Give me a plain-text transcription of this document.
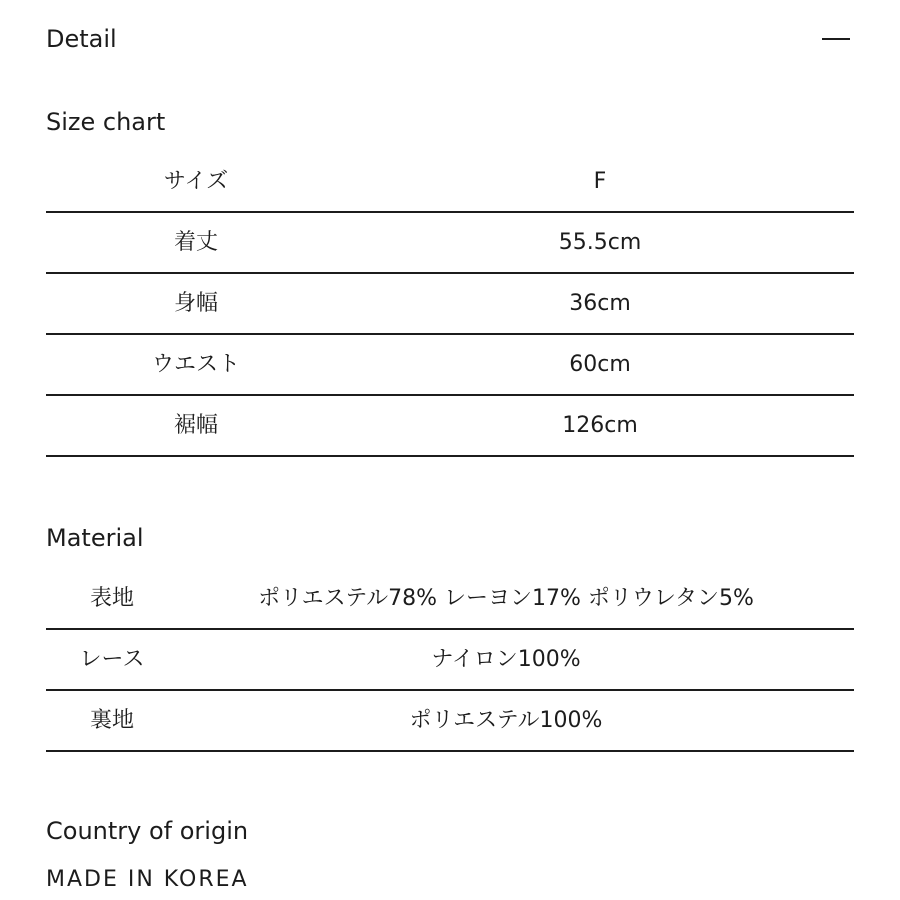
Detail
Size chart
サイズ	F
着丈	55.5cm
身幅	36cm
ウエスト	60cm
裾幅	126cm
Material
表地	ポリエステル78% レーヨン17% ポリウレタン5%
レース	ナイロン100%
裏地	ポリエステル100%
Country of origin
MADE IN KOREA
